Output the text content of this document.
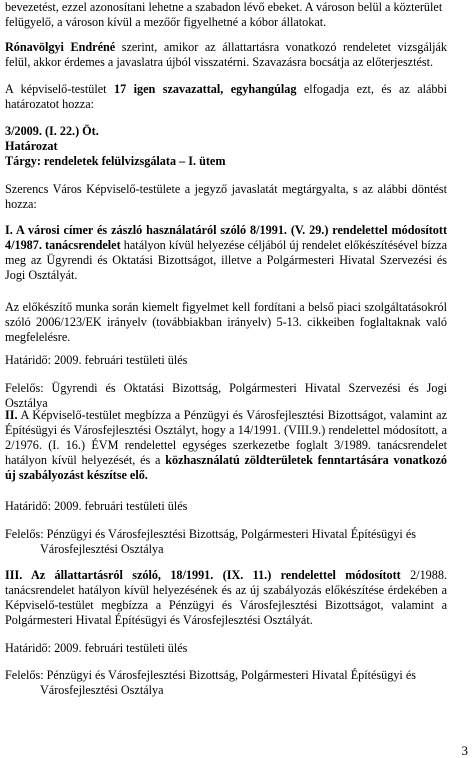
bevezetést, ezzel azonosítani lehetne a szabadon lévő ebeket. A városon belül a közterület
felügyelő, a városon kívül a mezőőr figyelhetné a kóbor állatokat.

Rónavölgyi Endréné szerint, amikor az állattartásra vonatkozó rendeletet vizsgálják felül, akkor érdemes a javaslatra újból visszatérni. Szavazásra bocsátja az előterjesztést.

A képviselő-testület 17 igen szavazattal, egyhangúlag elfogadja ezt, és az alábbi határozatot hozza:

3/2009. (I. 22.) Öt.
Határozat
Tárgy: rendeletek felülvizsgálata – I. ütem

Szerencs Város Képviselő-testülete a jegyző javaslatát megtárgyalta, s az alábbi döntést hozza:

I. A városi címer és zászló használatáról szóló 8/1991. (V. 29.) rendelettel módosított 4/1987. tanácsrendelet hatályon kívül helyezése céljából új rendelet előkészítésével bízza meg az Ügyrendi és Oktatási Bizottságot, illetve a Polgármesteri Hivatal Szervezési és Jogi Osztályát.

Az előkészítő munka során kiemelt figyelmet kell fordítani a belső piaci szolgáltatásokról szóló 2006/123/EK irányelv (továbbiakban irányelv) 5-13. cikkeiben foglaltaknak való megfelelésre.

Határidő: 2009. februári testületi ülés

Felelős: Ügyrendi és Oktatási Bizottság, Polgármesteri Hivatal Szervezési és Jogi Osztálya

II. A Képviselő-testület megbízza a Pénzügyi és Városfejlesztési Bizottságot, valamint az Építésügyi és Városfejlesztési Osztályt, hogy a 14/1991. (VIII.9.) rendelettel módosított, a 2/1976. (I. 16.) ÉVM rendelettel egységes szerkezetbe foglalt 3/1989. tanácsrendelet hatályon kívül helyezését, és a közhasználatú zöldterületek fenntartására vonatkozó új szabályozást készítse elő.

Határidő: 2009. februári testületi ülés

Felelős: Pénzügyi és Városfejlesztési Bizottság, Polgármesteri Hivatal Építésügyi és
Városfejlesztési Osztálya

III. Az állattartásról szóló, 18/1991. (IX. 11.) rendelettel módosított 2/1988. tanácsrendelet hatályon kívül helyezésének és az új szabályozás előkészítése érdekében a Képviselő-testület megbízza a Pénzügyi és Városfejlesztési Bizottságot, valamint a Polgármesteri Hivatal Építésügyi és Városfejlesztési Osztályát.

Határidő: 2009. februári testületi ülés

Felelős: Pénzügyi és Városfejlesztési Bizottság, Polgármesteri Hivatal Építésügyi és
Városfejlesztési Osztálya

3
